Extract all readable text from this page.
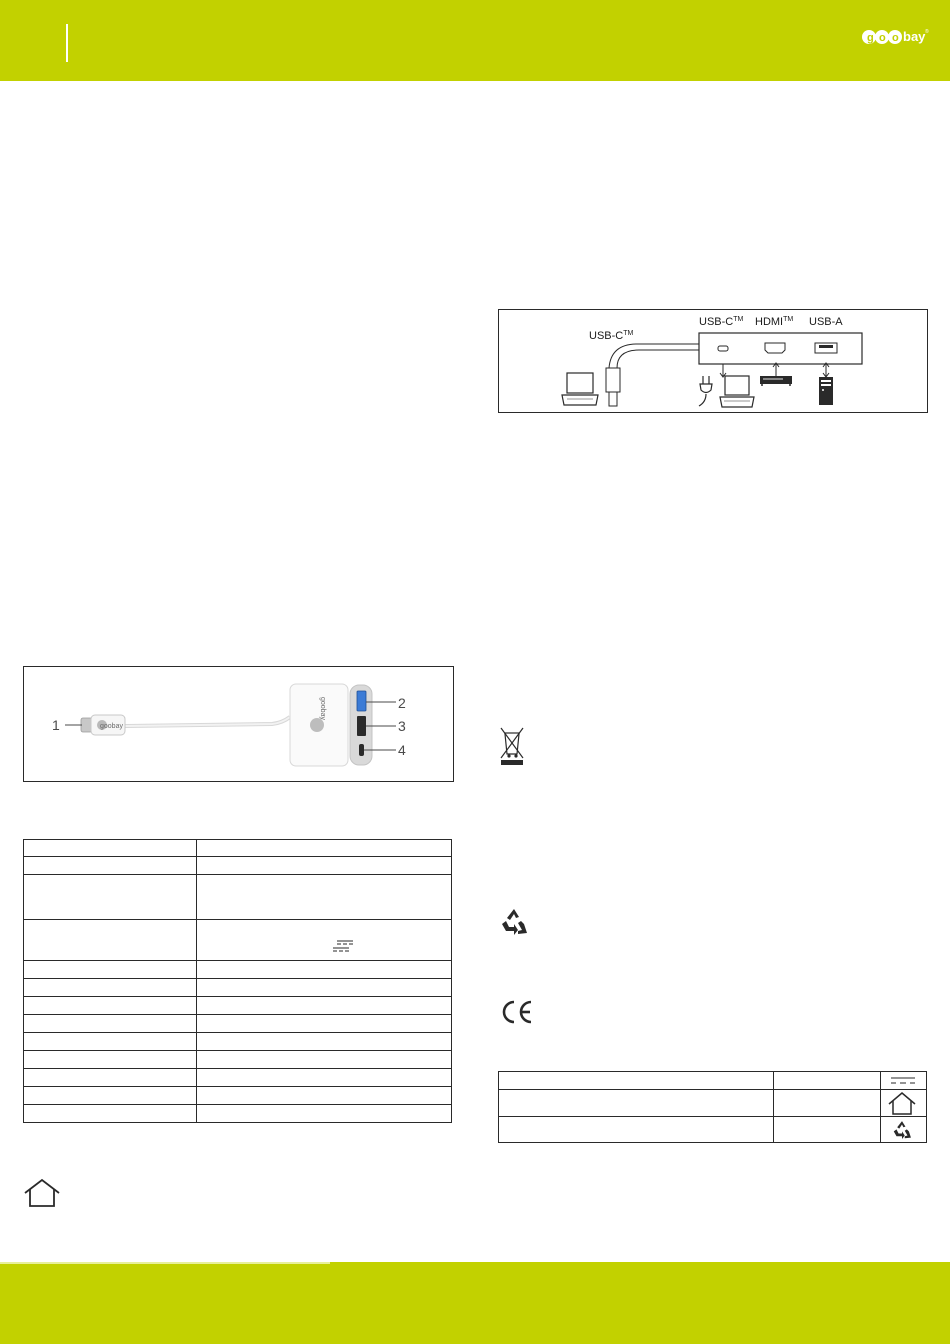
g o o bay ®
USB-C™
USB-C™ HDMI™ USB-A
goobay
1
goobay	2
3
4
